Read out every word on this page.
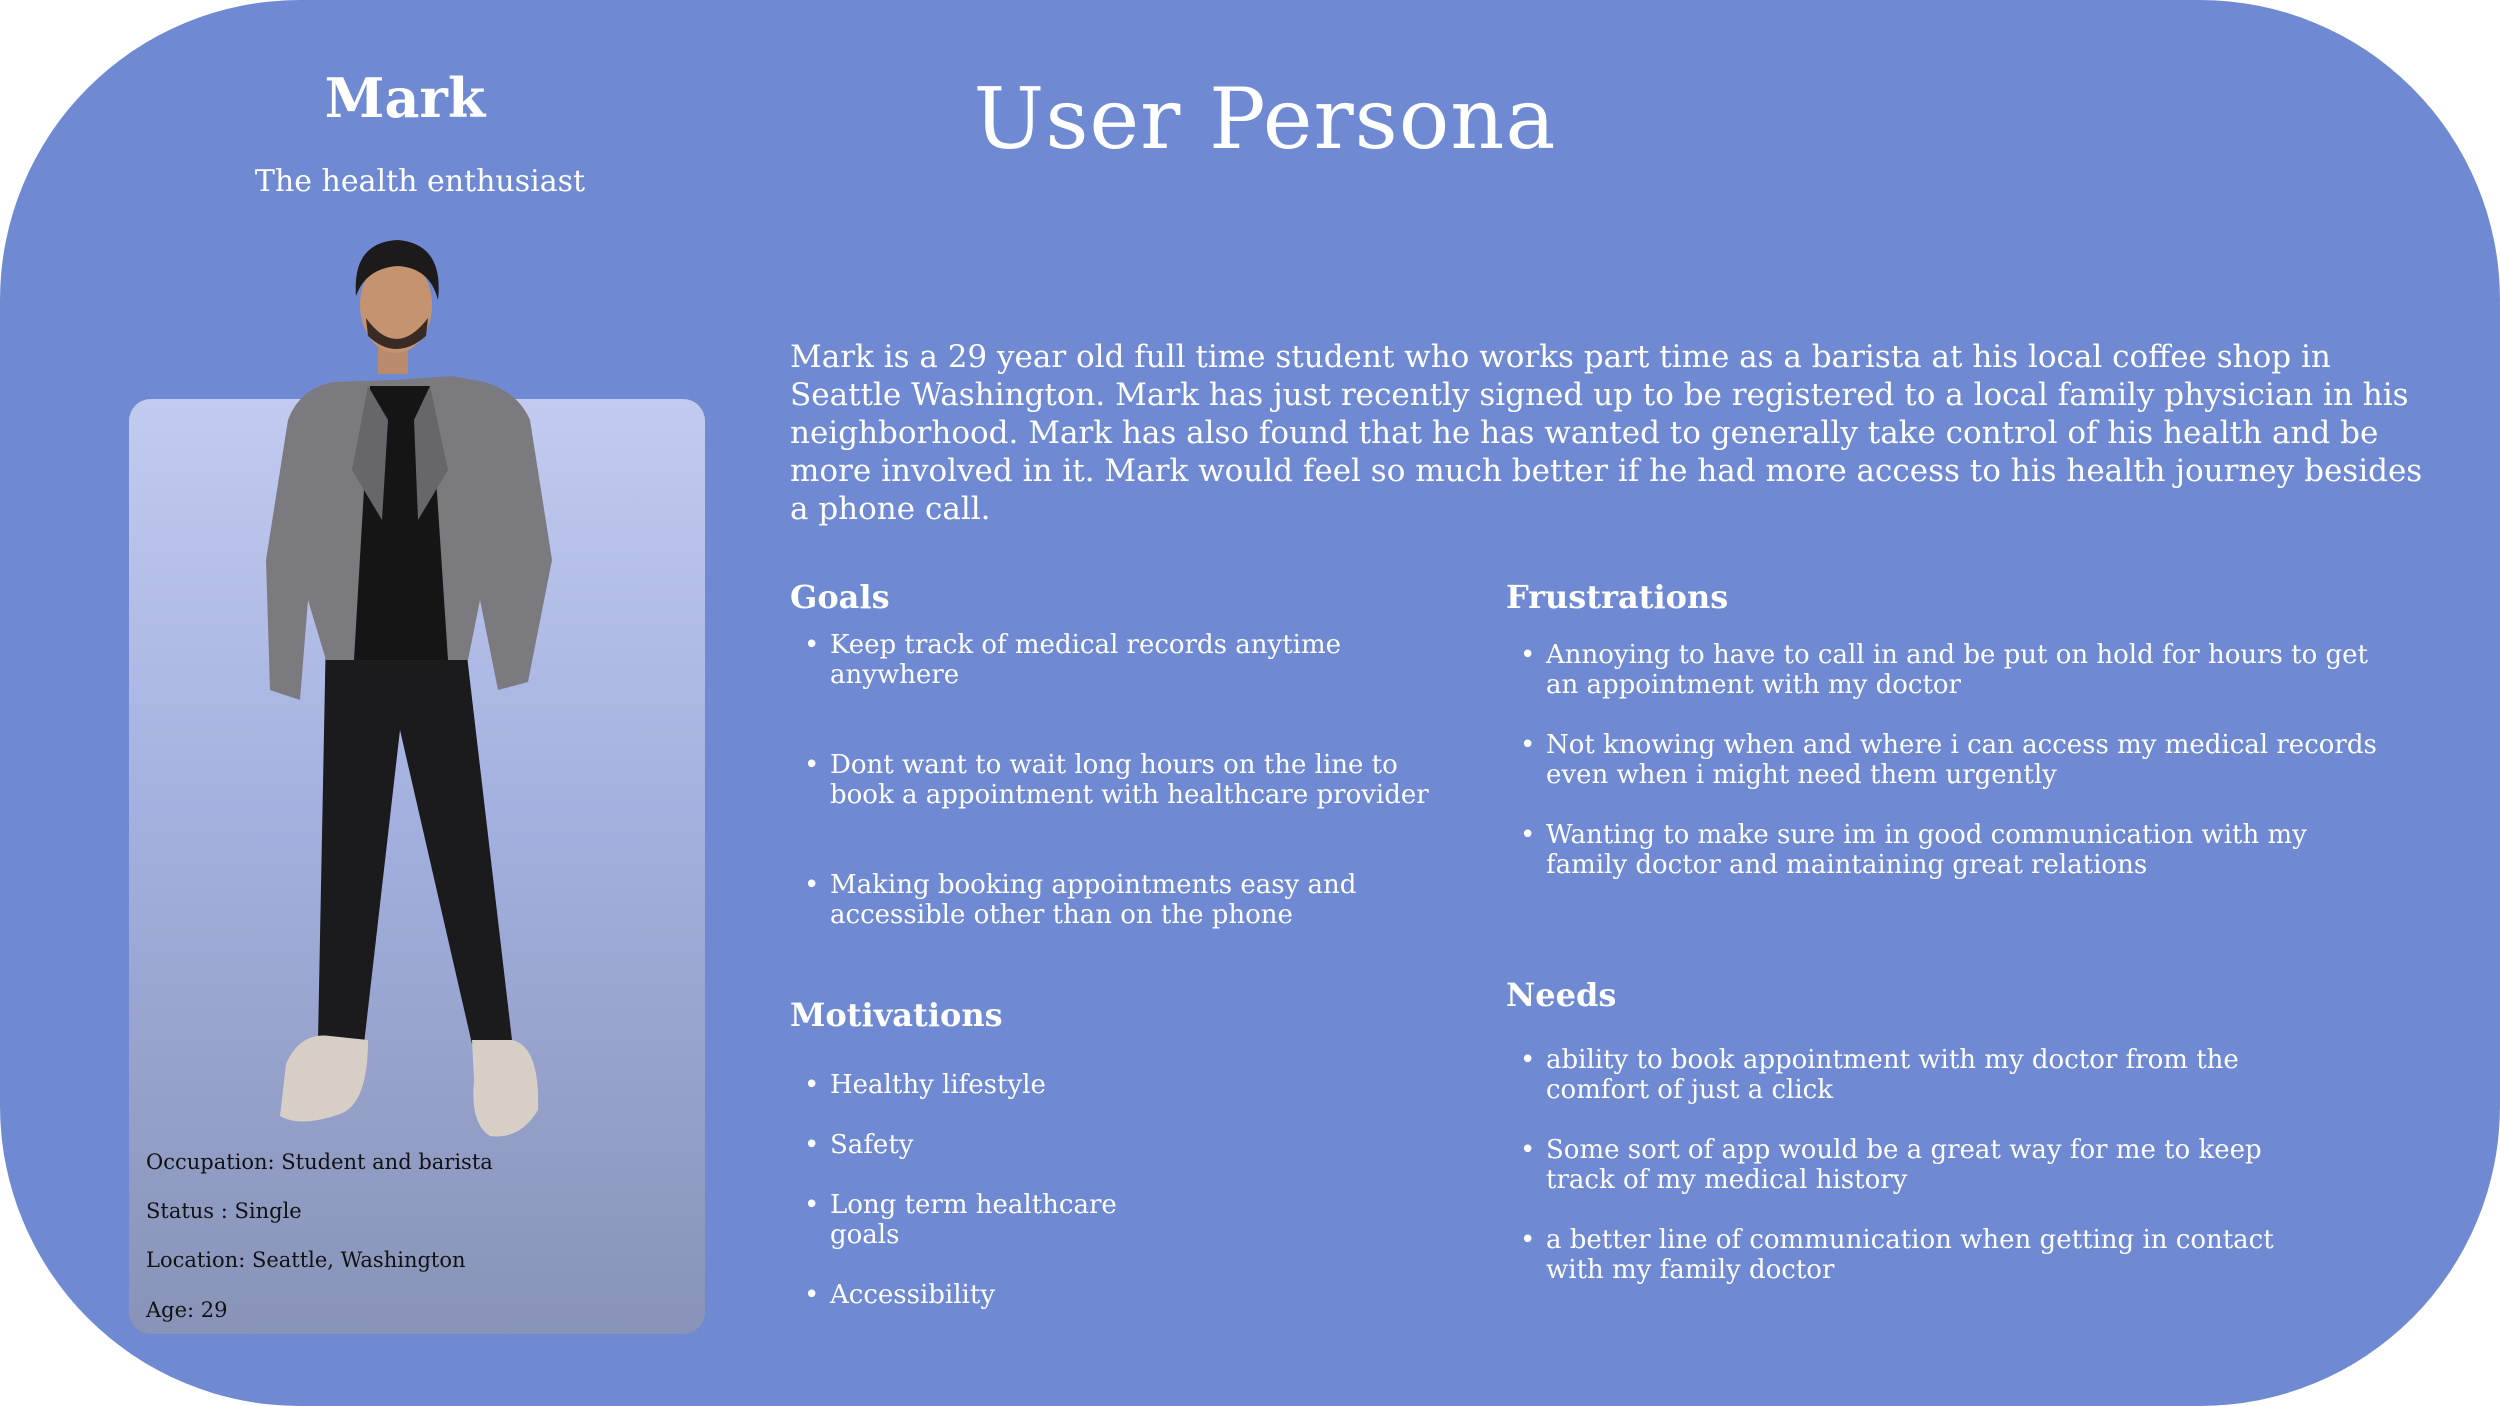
Mark
The health enthusiast
User Persona
Occupation: Student and barista
Status : Single
Location: Seattle, Washington
Age: 29

Mark is a 29 year old full time student who works part time as a barista at his local coffee shop in Seattle Washington. Mark has just recently signed up to be registered to a local family physician in his neighborhood. Mark has also found that he has wanted to generally take control of his health and be more involved in it. Mark would feel so much better if he had more access to his health journey besides a phone call.

Goals
• Keep track of medical records anytime anywhere
• Dont want to wait long hours on the line to book a appointment with healthcare provider
• Making booking appointments easy and accessible other than on the phone
Motivations
• Healthy lifestyle
• Safety
• Long term healthcare goals
• Accessibility
Frustrations
• Annoying to have to call in and be put on hold for hours to get an appointment with my doctor
• Not knowing when and where i can access my medical records even when i might need them urgently
• Wanting to make sure im in good communication with my family doctor and maintaining great relations
Needs
• ability to book appointment with my doctor from the comfort of just a click
• Some sort of app would be a great way for me to keep track of my medical history
• a better line of communication when getting in contact with my family doctor
